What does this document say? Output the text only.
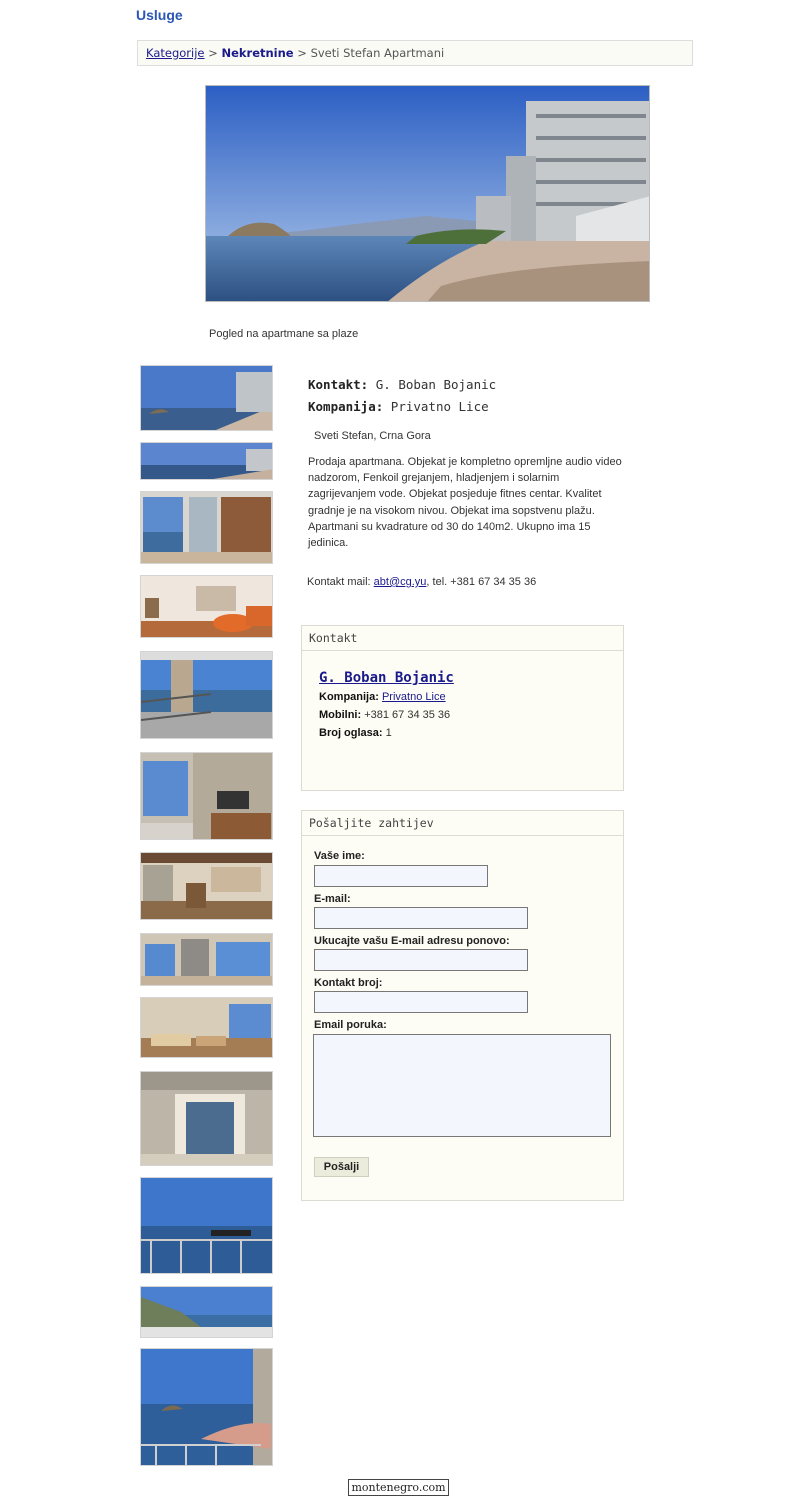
Usluge
Kategorije > Nekretnine > Sveti Stefan Apartmani
Pogled na apartmane sa plaze
Kontakt: G. Boban Bojanic
Kompanija: Privatno Lice
Sveti Stefan, Crna Gora
Prodaja apartmana. Objekat je kompletno opremljne audio video nadzorom, Fenkoil grejanjem, hladjenjem i solarnim zagrijevanjem vode. Objekat posjeduje fitnes centar. Kvalitet gradnje je na visokom nivou. Objekat ima sopstvenu plažu.
Apartmani su kvadrature od 30 do 140m2. Ukupno ima 15 jedinica.
Kontakt mail: abt@cg.yu, tel. +381 67 34 35 36
Kontakt
G. Boban Bojanic
Kompanija: Privatno Lice
Mobilni: +381 67 34 35 36
Broj oglasa: 1
Pošaljite zahtijev
Vaše ime:
E-mail:
Ukucajte vašu E-mail adresu ponovo:
Kontakt broj:
Email poruka:
Pošalji
montenegro.com
